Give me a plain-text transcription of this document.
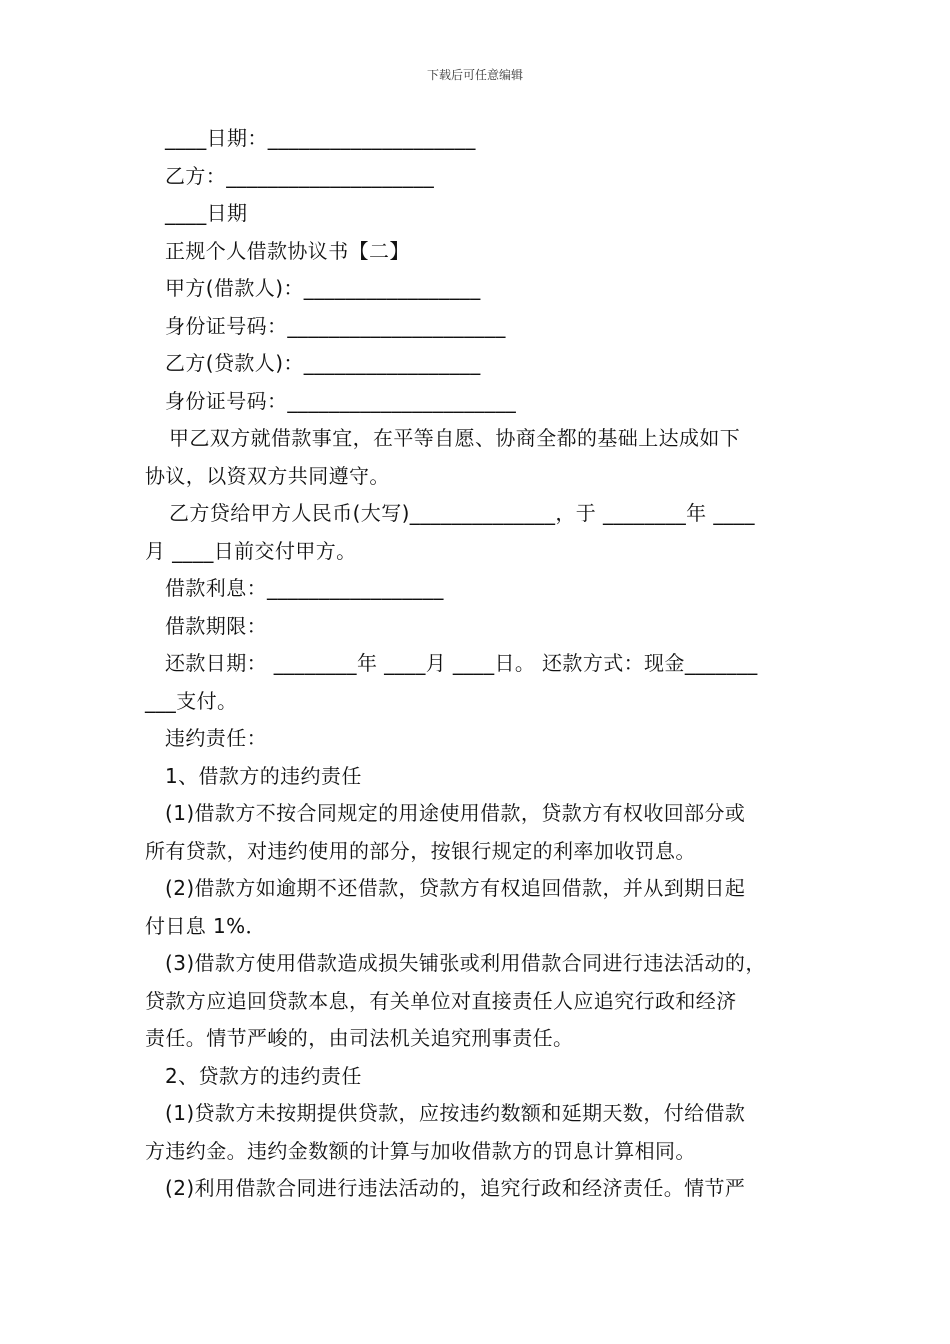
下载后可任意编辑
____日期：____________________
乙方：____________________
____日期
正规个人借款协议书【二】
甲方(借款人)：_________________
身份证号码：_____________________
乙方(贷款人)：_________________
身份证号码：______________________
甲乙双方就借款事宜，在平等自愿、协商全都的基础上达成如下
协议，以资双方共同遵守。
乙方贷给甲方人民币(大写)______________，于 ________年 ____
月 ____日前交付甲方。
借款利息：_________________
借款期限：
还款日期： ________年 ____月 ____日。 还款方式：现金_______
___支付。
违约责任：
1、借款方的违约责任
(1)借款方不按合同规定的用途使用借款，贷款方有权收回部分或
所有贷款，对违约使用的部分，按银行规定的利率加收罚息。
(2)借款方如逾期不还借款，贷款方有权追回借款，并从到期日起
付日息 1%．
(3)借款方使用借款造成损失铺张或利用借款合同进行违法活动的，
贷款方应追回贷款本息，有关单位对直接责任人应追究行政和经济
责任。情节严峻的，由司法机关追究刑事责任。
2、贷款方的违约责任
(1)贷款方未按期提供贷款，应按违约数额和延期天数，付给借款
方违约金。违约金数额的计算与加收借款方的罚息计算相同。
(2)利用借款合同进行违法活动的，追究行政和经济责任。情节严
